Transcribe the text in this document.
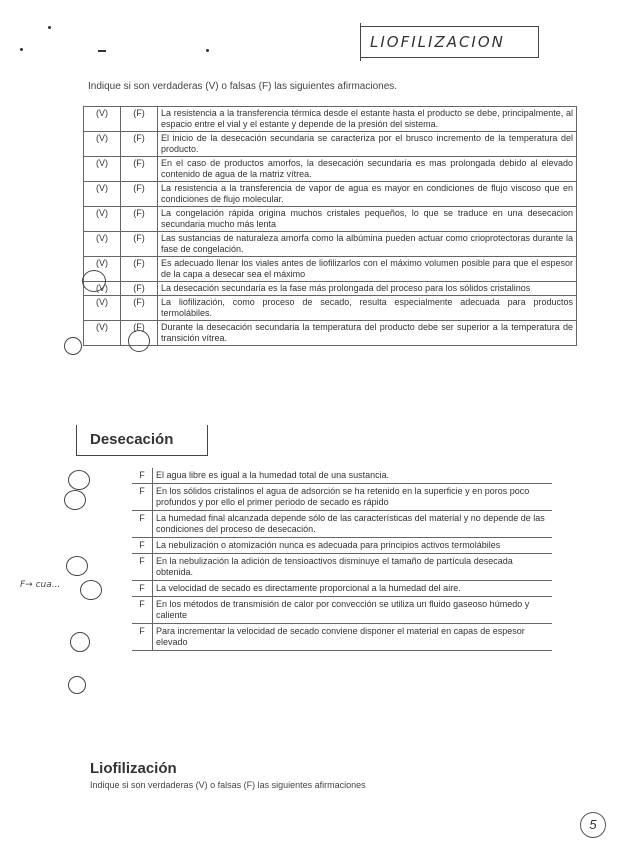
LIOFILIZACION
Indique si son verdaderas (V) o falsas (F) las siguientes afirmaciones.
(V)	(F)	La resistencia a la transferencia térmica desde el estante hasta el producto se debe, principalmente, al espacio entre el vial y el estante y depende de la presión del sistema.
(V)	(F)	El inicio de la desecación secundaria se caracteriza por el brusco incremento de la temperatura del producto.
(V)	(F)	En el caso de productos amorfos, la desecación secundaria es mas prolongada debido al elevado contenido de agua de la matriz vítrea.
(V)	(F)	La resistencia a la transferencia de vapor de agua es mayor en condiciones de flujo viscoso que en condiciones de flujo molecular.
(V)	(F)	La congelación rápida origina muchos cristales pequeños, lo que se traduce en una desecacion secundaria mucho más lenta
(V)	(F)	Las sustancias de naturaleza amorfa como la albúmina pueden actuar como crioprotectoras durante la fase de congelación.
(V)	(F)	Es adecuado llenar los viales antes de liofilizarlos con el máximo volumen posible para que el espesor de la capa a desecar sea el máximo
(V)	(F)	La desecación secundaria es la fase más prolongada del proceso para los sólidos cristalinos
(V)	(F)	La liofilización, como proceso de secado, resulta especialmente adecuada para productos termolábiles.
(V)	(F)	Durante la desecación secundaria la temperatura del producto debe ser superior a la temperatura de transición vítrea.
Desecación
F	El agua libre es igual a la humedad total de una sustancia.
F	En los sólidos cristalinos el agua de adsorción se ha retenido en la superficie y en poros poco profundos y por ello el primer periodo de secado es rápido
F	La humedad final alcanzada depende sólo de las características del material y no depende de las condiciones del proceso de desecación.
F	La nebulización o atomización nunca es adecuada para principios activos termolábiles
F	En la nebulización la adición de tensioactivos disminuye el tamaño de partícula desecada obtenida.
F	La velocidad de secado es directamente proporcional a la humedad del aire.
F	En los métodos de transmisión de calor por convección se utiliza un fluido gaseoso húmedo y caliente
F	Para incrementar la velocidad de secado conviene disponer el material en capas de espesor elevado
F→ cua...
Liofilización
Indique si son verdaderas (V) o falsas (F) las siguientes afirmaciones
5
